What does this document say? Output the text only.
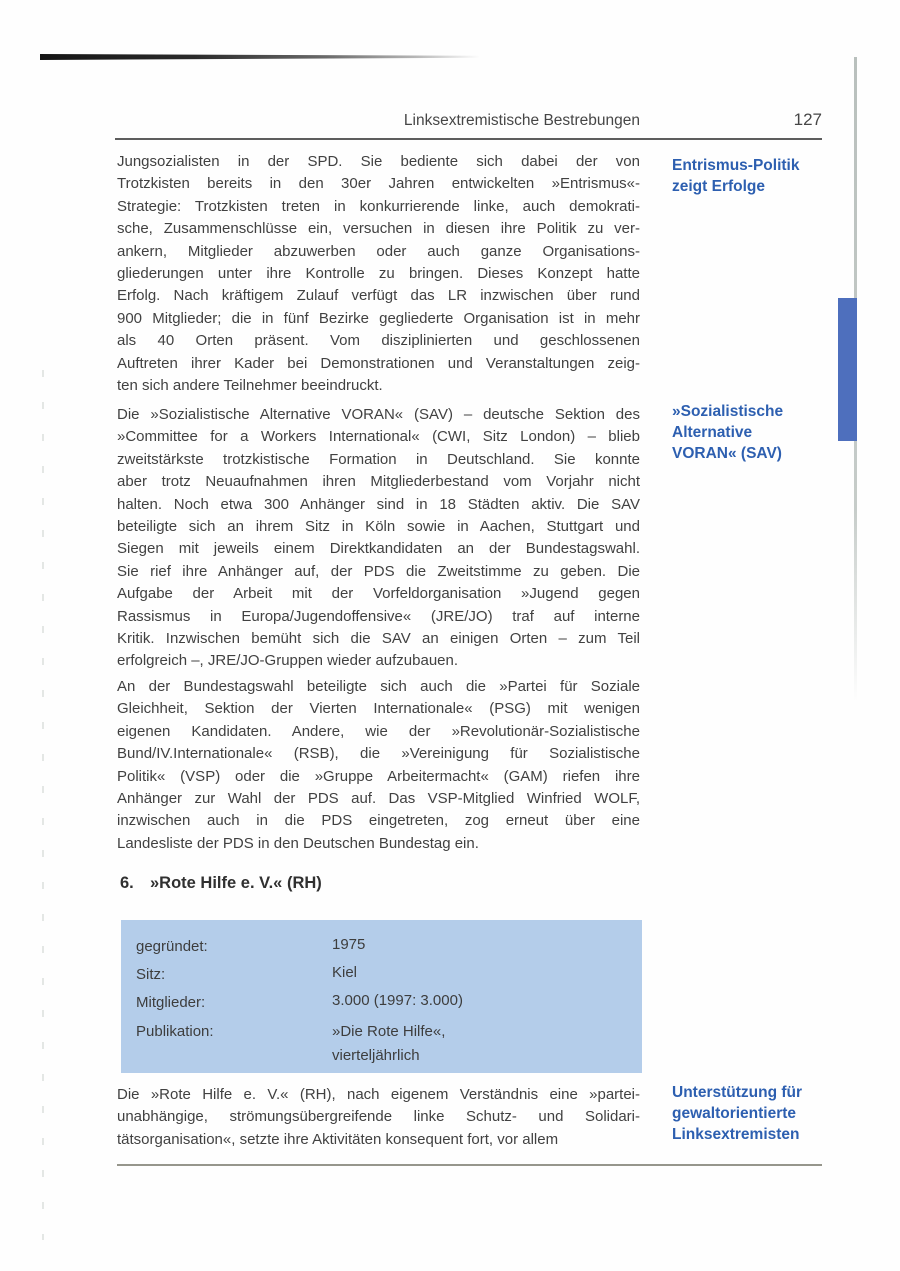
Linksextremistische Bestrebungen	127
Jungsozialisten in der SPD. Sie bediente sich dabei der von
Trotzkisten bereits in den 30er Jahren entwickelten »Entrismus«-
Strategie: Trotzkisten treten in konkurrierende linke, auch demokrati-
sche, Zusammenschlüsse ein, versuchen in diesen ihre Politik zu ver-
ankern, Mitglieder abzuwerben oder auch ganze Organisations-
gliederungen unter ihre Kontrolle zu bringen. Dieses Konzept hatte
Erfolg. Nach kräftigem Zulauf verfügt das LR inzwischen über rund
900 Mitglieder; die in fünf Bezirke gegliederte Organisation ist in mehr
als 40 Orten präsent. Vom disziplinierten und geschlossenen
Auftreten ihrer Kader bei Demonstrationen und Veranstaltungen zeig-
ten sich andere Teilnehmer beeindruckt.
Die »Sozialistische Alternative VORAN« (SAV) – deutsche Sektion des
»Committee for a Workers International« (CWI, Sitz London) – blieb
zweitstärkste trotzkistische Formation in Deutschland. Sie konnte
aber trotz Neuaufnahmen ihren Mitgliederbestand vom Vorjahr nicht
halten. Noch etwa 300 Anhänger sind in 18 Städten aktiv. Die SAV
beteiligte sich an ihrem Sitz in Köln sowie in Aachen, Stuttgart und
Siegen mit jeweils einem Direktkandidaten an der Bundestagswahl.
Sie rief ihre Anhänger auf, der PDS die Zweitstimme zu geben. Die
Aufgabe der Arbeit mit der Vorfeldorganisation »Jugend gegen
Rassismus in Europa/Jugendoffensive« (JRE/JO) traf auf interne
Kritik. Inzwischen bemüht sich die SAV an einigen Orten – zum Teil
erfolgreich –, JRE/JO-Gruppen wieder aufzubauen.
An der Bundestagswahl beteiligte sich auch die »Partei für Soziale
Gleichheit, Sektion der Vierten Internationale« (PSG) mit wenigen
eigenen Kandidaten. Andere, wie der »Revolutionär-Sozialistische
Bund/IV.Internationale« (RSB), die »Vereinigung für Sozialistische
Politik« (VSP) oder die »Gruppe Arbeitermacht« (GAM) riefen ihre
Anhänger zur Wahl der PDS auf. Das VSP-Mitglied Winfried WOLF,
inzwischen auch in die PDS eingetreten, zog erneut über eine
Landesliste der PDS in den Deutschen Bundestag ein.
Die »Rote Hilfe e. V.« (RH), nach eigenem Verständnis eine »partei-
unabhängige, strömungsübergreifende linke Schutz- und Solidari-
tätsorganisation«, setzte ihre Aktivitäten konsequent fort, vor allem
Entrismus-Politik
zeigt Erfolge
»Sozialistische
Alternative
VORAN« (SAV)
Unterstützung für
gewaltorientierte
Linksextremisten
6. »Rote Hilfe e. V.« (RH)
gegründet:	1975
Sitz:	Kiel
Mitglieder:	3.000 (1997: 3.000)
Publikation:	»Die Rote Hilfe«,
vierteljährlich
